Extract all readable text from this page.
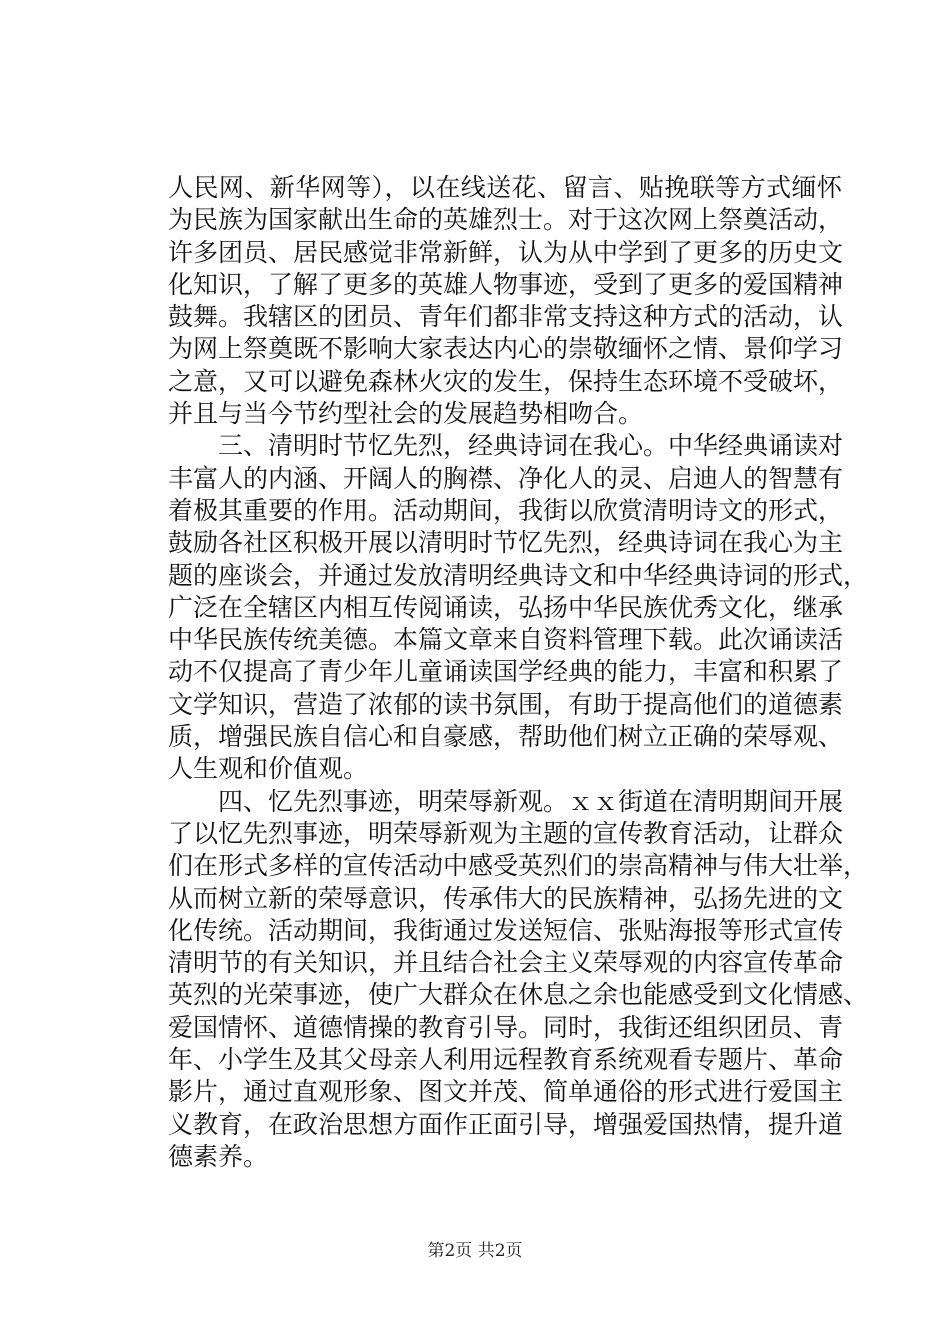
人民网、新华网等），以在线送花、留言、贴挽联等方式缅怀
为民族为国家献出生命的英雄烈士。对于这次网上祭奠活动，
许多团员、居民感觉非常新鲜，认为从中学到了更多的历史文
化知识，了解了更多的英雄人物事迹，受到了更多的爱国精神
鼓舞。我辖区的团员、青年们都非常支持这种方式的活动，认
为网上祭奠既不影响大家表达内心的崇敬缅怀之情、景仰学习
之意，又可以避免森林火灾的发生，保持生态环境不受破坏，
并且与当今节约型社会的发展趋势相吻合。
三、清明时节忆先烈，经典诗词在我心。中华经典诵读对
丰富人的内涵、开阔人的胸襟、净化人的灵、启迪人的智慧有
着极其重要的作用。活动期间，我街以欣赏清明诗文的形式，
鼓励各社区积极开展以清明时节忆先烈，经典诗词在我心为主
题的座谈会，并通过发放清明经典诗文和中华经典诗词的形式，
广泛在全辖区内相互传阅诵读，弘扬中华民族优秀文化，继承
中华民族传统美德。本篇文章来自资料管理下载。此次诵读活
动不仅提高了青少年儿童诵读国学经典的能力，丰富和积累了
文学知识，营造了浓郁的读书氛围，有助于提高他们的道德素
质，增强民族自信心和自豪感，帮助他们树立正确的荣辱观、
人生观和价值观。
四、忆先烈事迹，明荣辱新观。ｘｘ街道在清明期间开展
了以忆先烈事迹，明荣辱新观为主题的宣传教育活动，让群众
们在形式多样的宣传活动中感受英烈们的崇高精神与伟大壮举，
从而树立新的荣辱意识，传承伟大的民族精神，弘扬先进的文
化传统。活动期间，我街通过发送短信、张贴海报等形式宣传
清明节的有关知识，并且结合社会主义荣辱观的内容宣传革命
英烈的光荣事迹，使广大群众在休息之余也能感受到文化情感、
爱国情怀、道德情操的教育引导。同时，我街还组织团员、青
年、小学生及其父母亲人利用远程教育系统观看专题片、革命
影片，通过直观形象、图文并茂、简单通俗的形式进行爱国主
义教育，在政治思想方面作正面引导，增强爱国热情，提升道
德素养。
第2页 共2页
